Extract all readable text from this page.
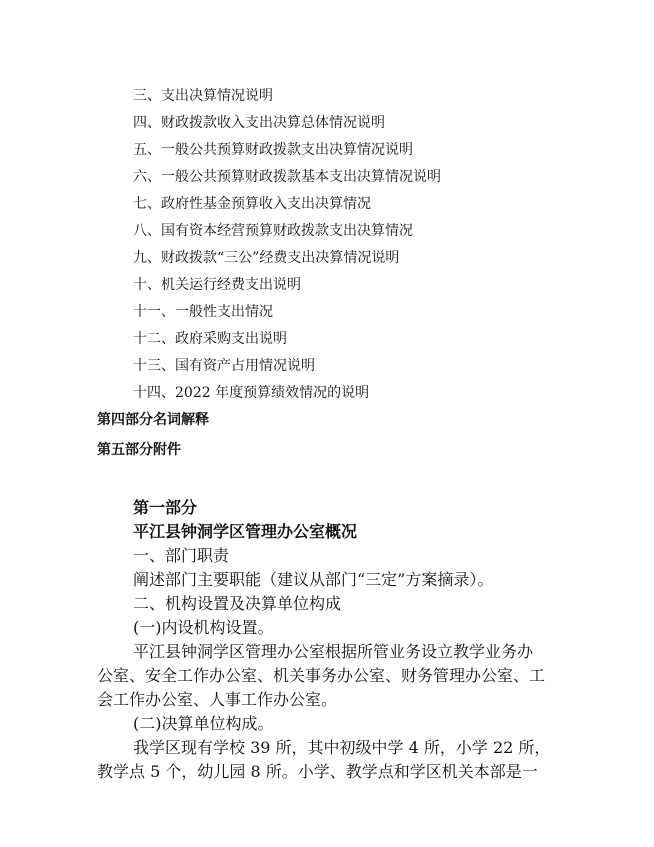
三、支出决算情况说明
四、财政拨款收入支出决算总体情况说明
五、一般公共预算财政拨款支出决算情况说明
六、一般公共预算财政拨款基本支出决算情况说明
七、政府性基金预算收入支出决算情况
八、国有资本经营预算财政拨款支出决算情况
九、财政拨款“三公”经费支出决算情况说明
十、机关运行经费支出说明
十一、一般性支出情况
十二、政府采购支出说明
十三、国有资产占用情况说明
十四、2022 年度预算绩效情况的说明
第四部分名词解释
第五部分附件
第一部分
平江县钟洞学区管理办公室概况
一、部门职责
阐述部门主要职能（建议从部门“三定”方案摘录）。
二、机构设置及决算单位构成
(一)内设机构设置。
平江县钟洞学区管理办公室根据所管业务设立教学业务办
公室、安全工作办公室、机关事务办公室、财务管理办公室、工
会工作办公室、人事工作办公室。
(二)决算单位构成。
我学区现有学校 39 所，其中初级中学 4 所，小学 22 所，
教学点 5 个，幼儿园 8 所。小学、教学点和学区机关本部是一
